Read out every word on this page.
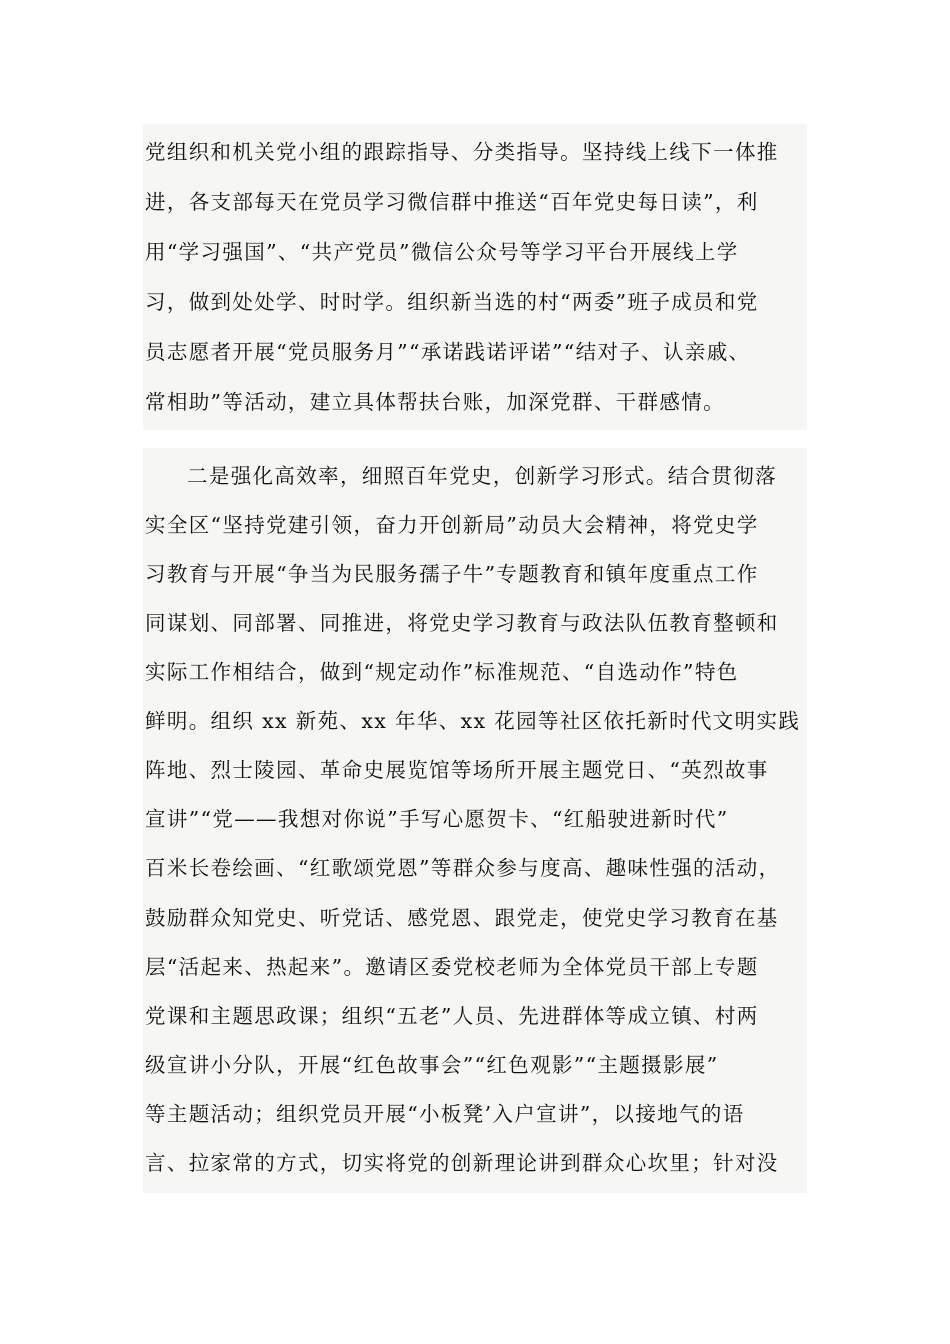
党组织和机关党小组的跟踪指导、分类指导。坚持线上线下一体推
进，各支部每天在党员学习微信群中推送“百年党史每日读”，利
用“学习强国”、“共产党员”微信公众号等学习平台开展线上学
习，做到处处学、时时学。组织新当选的村“两委”班子成员和党
员志愿者开展“党员服务月”“承诺践诺评诺”“结对子、认亲戚、
常相助”等活动，建立具体帮扶台账，加深党群、干群感情。
二是强化高效率，细照百年党史，创新学习形式。结合贯彻落
实全区“坚持党建引领，奋力开创新局”动员大会精神，将党史学
习教育与开展“争当为民服务孺子牛”专题教育和镇年度重点工作
同谋划、同部署、同推进，将党史学习教育与政法队伍教育整顿和
实际工作相结合，做到“规定动作”标准规范、“自选动作”特色
鲜明。组织 xx 新苑、xx 年华、xx 花园等社区依托新时代文明实践
阵地、烈士陵园、革命史展览馆等场所开展主题党日、“英烈故事
宣讲”“党——我想对你说”手写心愿贺卡、“红船驶进新时代”
百米长卷绘画、“红歌颂党恩”等群众参与度高、趣味性强的活动，
鼓励群众知党史、听党话、感党恩、跟党走，使党史学习教育在基
层“活起来、热起来”。邀请区委党校老师为全体党员干部上专题
党课和主题思政课；组织“五老”人员、先进群体等成立镇、村两
级宣讲小分队，开展“红色故事会”“红色观影”“主题摄影展”
等主题活动；组织党员开展“小板凳’入户宣讲”，以接地气的语
言、拉家常的方式，切实将党的创新理论讲到群众心坎里；针对没
